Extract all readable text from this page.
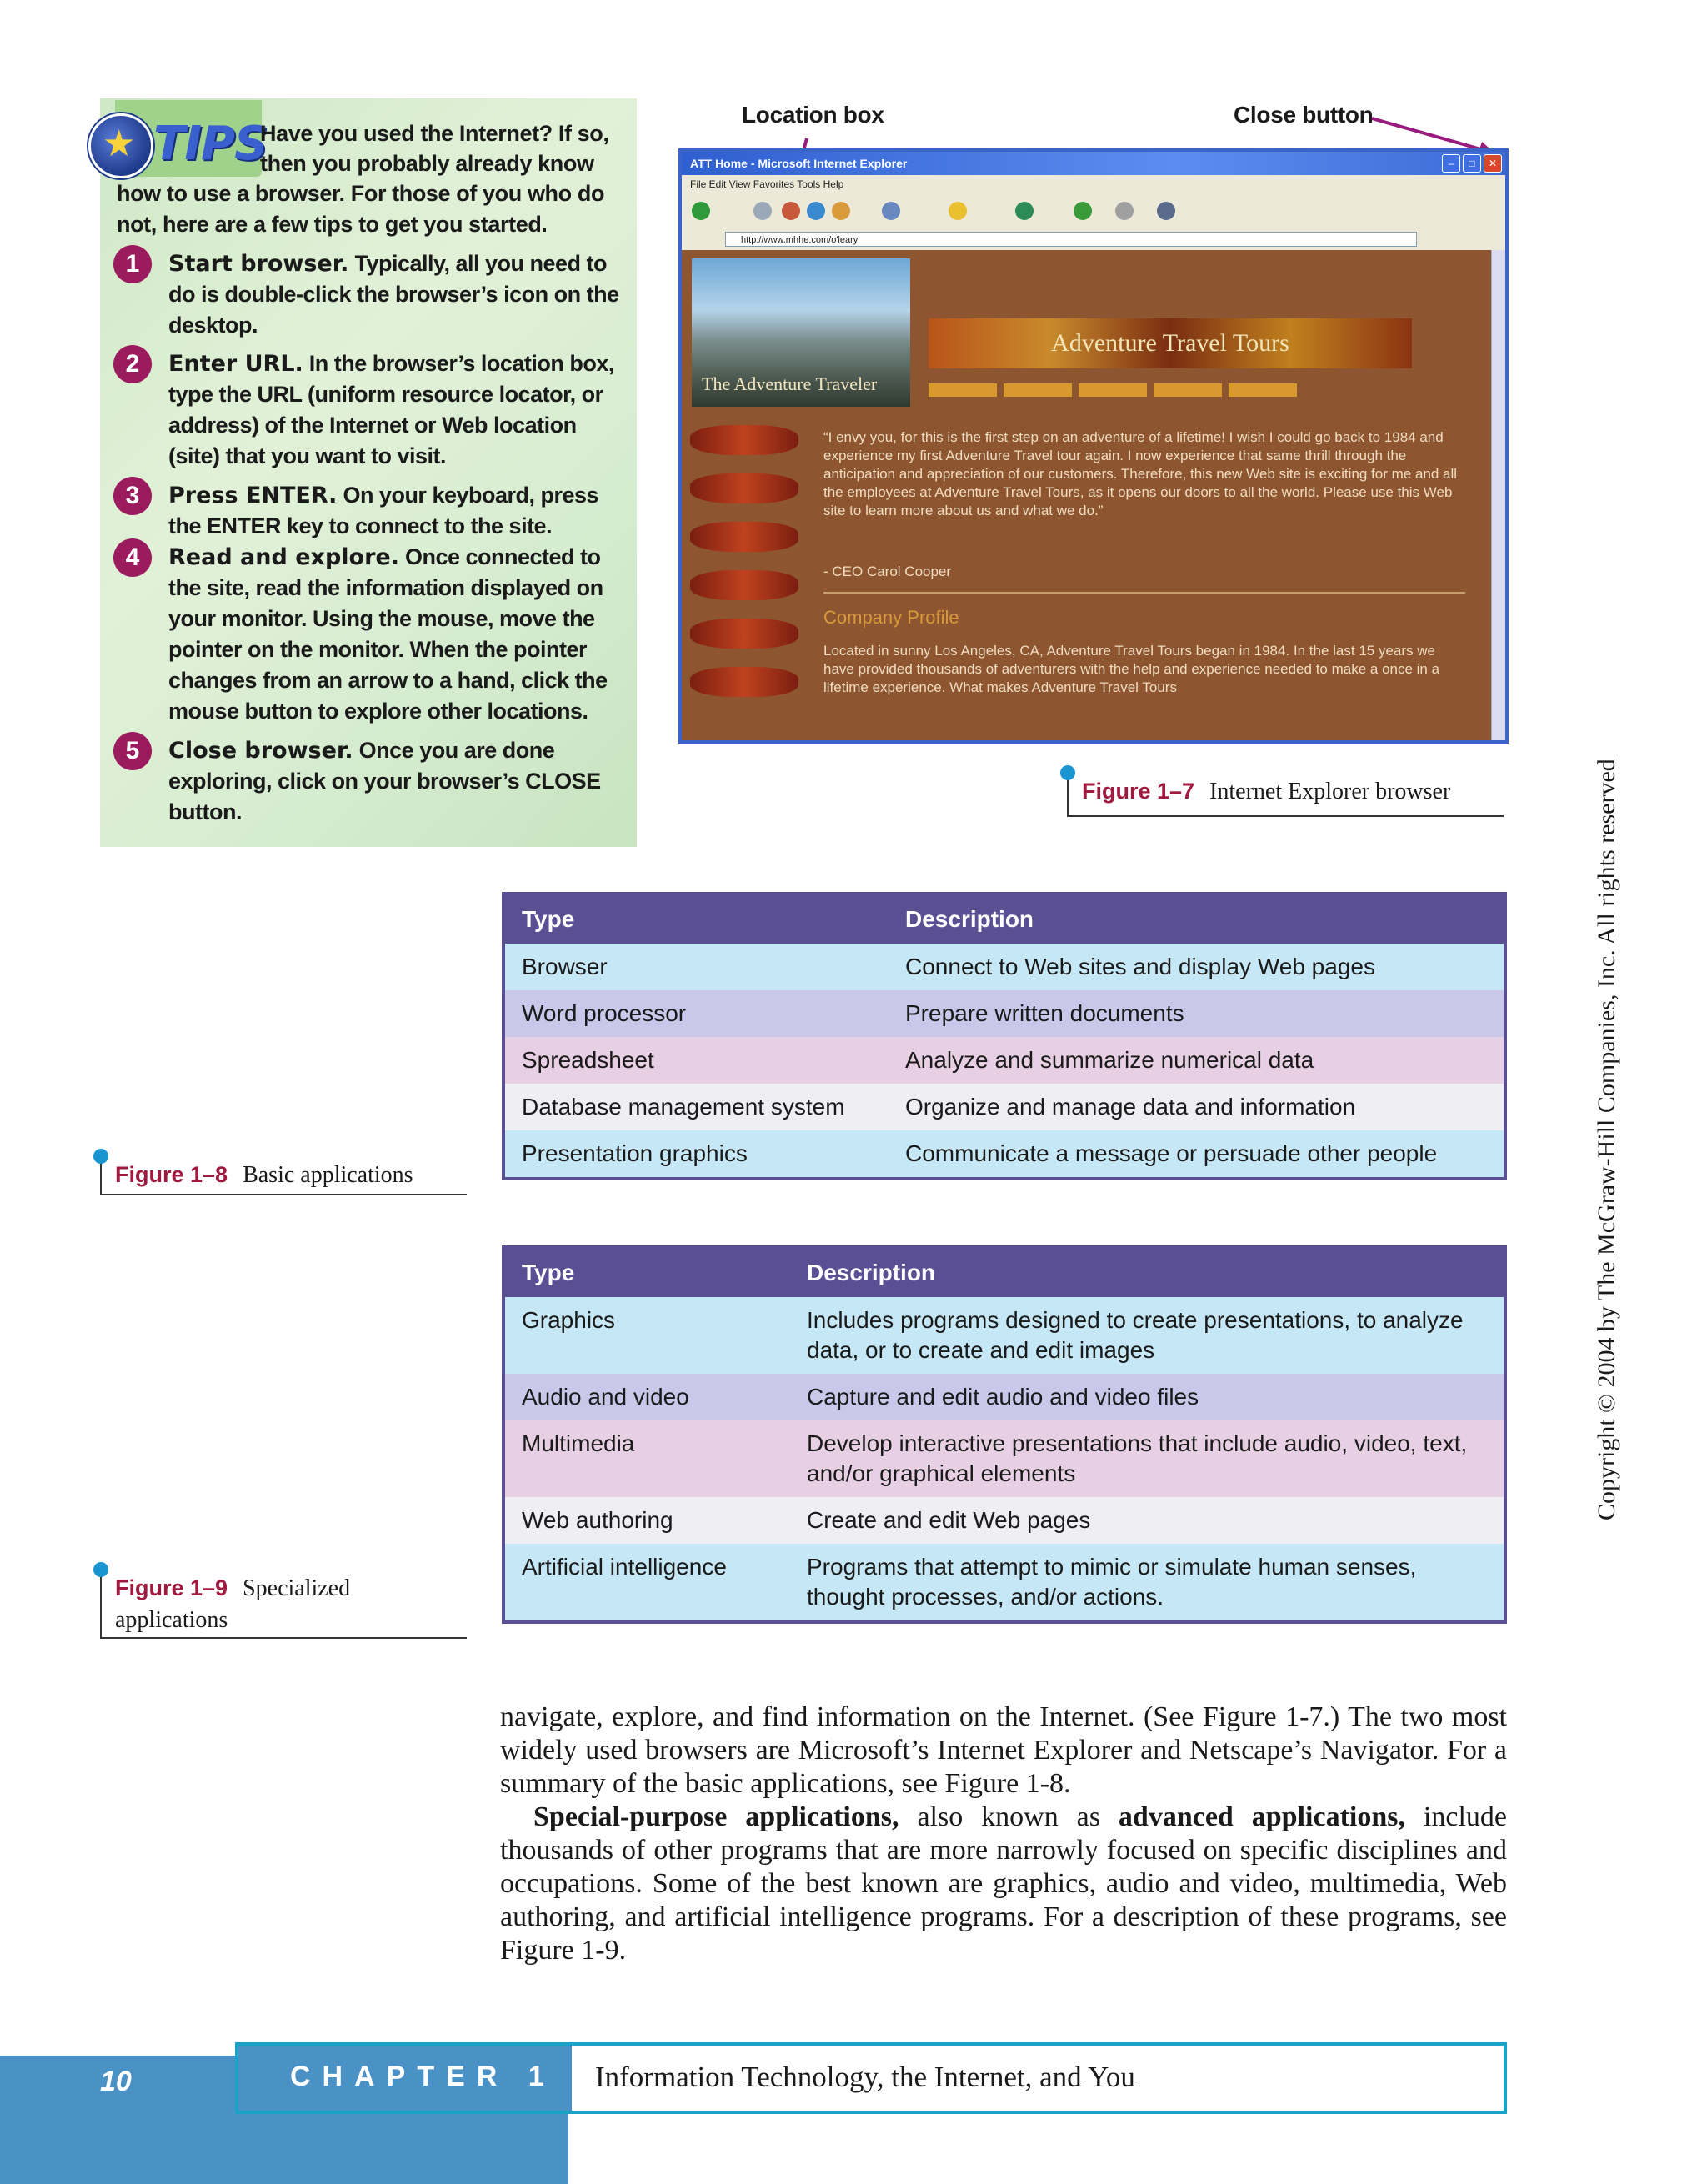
★ TIPS
Have you used the Internet? If so, then you probably already know
how to use a browser. For those of you who do not, here are a few tips to get you started.
1	Start browser. Typically, all you need to do is double-click the browser’s icon on the desktop.
2	Enter URL. In the browser’s location box, type the URL (uniform resource locator, or address) of the Internet or Web location (site) that you want to visit.
3	Press ENTER. On your keyboard, press the ENTER key to connect to the site.
4	Read and explore. Once connected to the site, read the information displayed on your monitor. Using the mouse, move the pointer on the monitor. When the pointer changes from an arrow to a hand, click the mouse button to explore other locations.
5	Close browser. Once you are done exploring, click on your browser’s CLOSE button.
Location box	Close button
ATT Home - Microsoft Internet Explorer	–	□	✕
File Edit View Favorites Tools Help
http://www.mhhe.com/o'leary
The Adventure Traveler
Adventure Travel Tours
“I envy you, for this is the first step on an adventure of a lifetime! I wish I could go back to 1984 and experience my first Adventure Travel tour again. I now experience that same thrill through the anticipation and appreciation of our customers. Therefore, this new Web site is exciting for me and all the employees at Adventure Travel Tours, as it opens our doors to all the world. Please use this Web site to learn more about us and what we do.”
- CEO Carol Cooper
Company Profile
Located in sunny Los Angeles, CA, Adventure Travel Tours began in 1984. In the last 15 years we have provided thousands of adventurers with the help and experience needed to make a once in a lifetime experience. What makes Adventure Travel Tours
Figure 1–7 Internet Explorer browser
Type	Description
Browser	Connect to Web sites and display Web pages
Word processor	Prepare written documents
Spreadsheet	Analyze and summarize numerical data
Database management system	Organize and manage data and information
Presentation graphics	Communicate a message or persuade other people
Figure 1–8 Basic applications
Type	Description
Graphics	Includes programs designed to create presentations, to analyze data, or to create and edit images
Audio and video	Capture and edit audio and video files
Multimedia	Develop interactive presentations that include audio, video, text, and/or graphical elements
Web authoring	Create and edit Web pages
Artificial intelligence	Programs that attempt to mimic or simulate human senses, thought processes, and/or actions.
Figure 1–9 Specialized applications

navigate, explore, and find information on the Internet. (See Figure 1-7.) The two most widely used browsers are Microsoft’s Internet Explorer and Netscape’s Navigator. For a summary of the basic applications, see Figure 1-8.

Special-purpose applications, also known as advanced applications, include thousands of other programs that are more narrowly focused on specific disciplines and occupations. Some of the best known are graphics, audio and video, multimedia, Web authoring, and artificial intelligence programs. For a description of these programs, see Figure 1-9.

Copyright © 2004 by The McGraw-Hill Companies, Inc. All rights reserved
10	CHAPTER 1 Information Technology, the Internet, and You
